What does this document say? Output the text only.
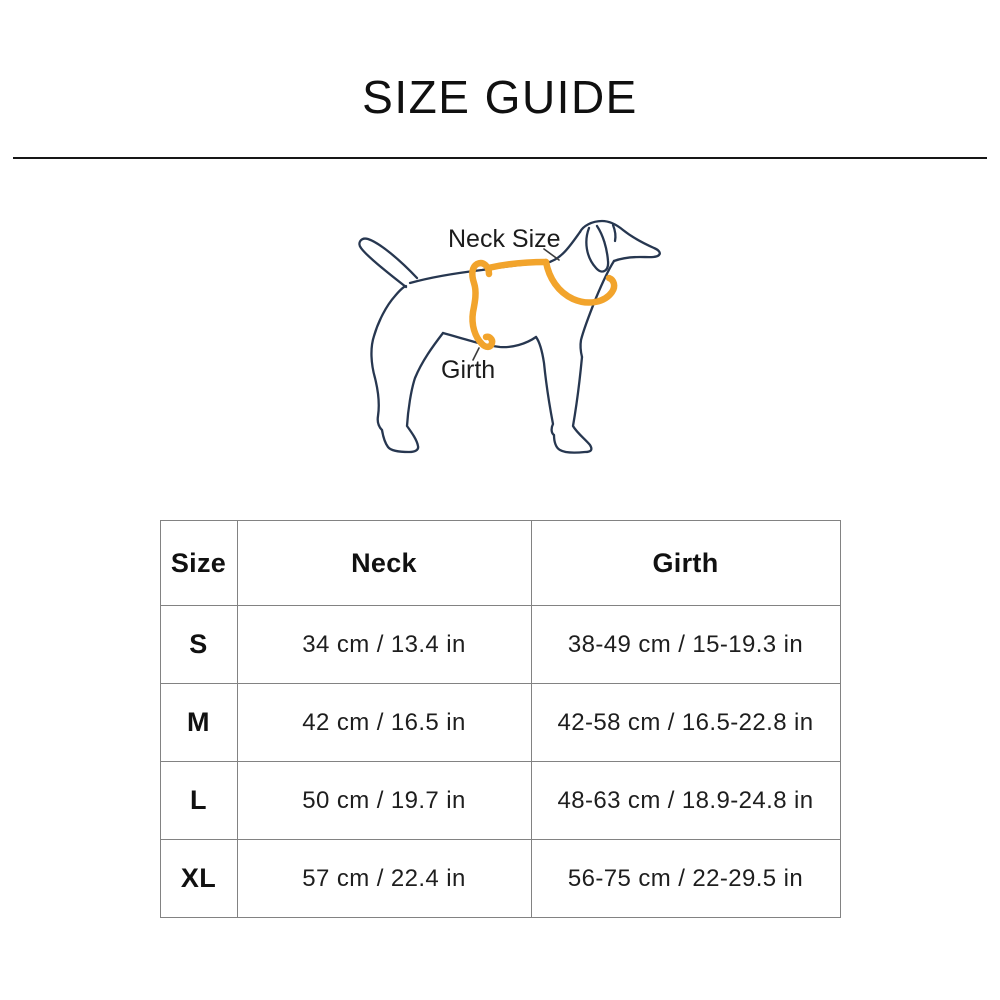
SIZE GUIDE
Neck Size
Girth
Size	Neck	Girth
S	34 cm / 13.4 in	38-49 cm / 15-19.3 in
M	42 cm / 16.5 in	42-58 cm / 16.5-22.8 in
L	50 cm / 19.7 in	48-63 cm / 18.9-24.8 in
XL	57 cm / 22.4 in	56-75 cm / 22-29.5 in
